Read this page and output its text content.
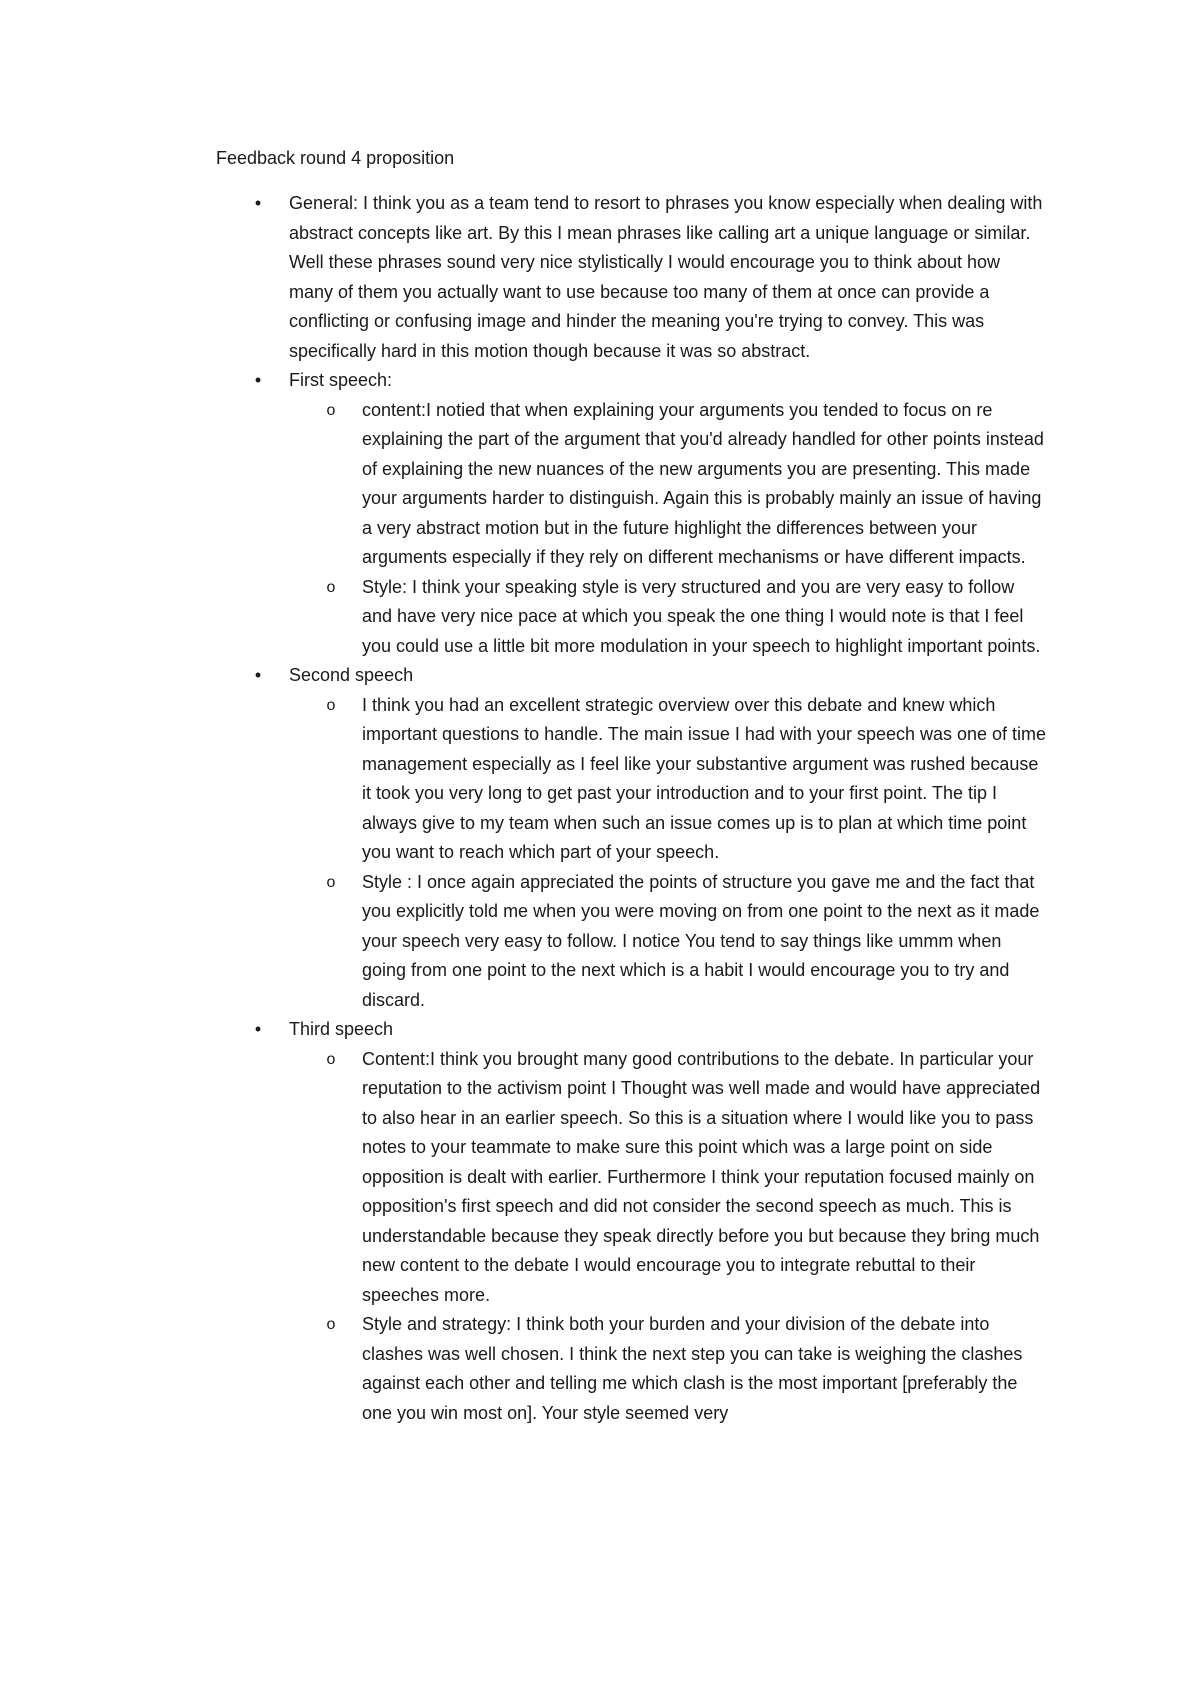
Feedback round 4 proposition
• General: I think you as a team tend to resort to phrases you know especially when dealing with abstract concepts like art. By this I mean phrases like calling art a unique language or similar. Well these phrases sound very nice stylistically I would encourage you to think about how many of them you actually want to use because too many of them at once can provide a conflicting or confusing image and hinder the meaning you're trying to convey. This was specifically hard in this motion though because it was so abstract.
• First speech:
o content:I notied that when explaining your arguments you tended to focus on re explaining the part of the argument that you'd already handled for other points instead of explaining the new nuances of the new arguments you are presenting. This made your arguments harder to distinguish. Again this is probably mainly an issue of having a very abstract motion but in the future highlight the differences between your arguments especially if they rely on different mechanisms or have different impacts.
o Style: I think your speaking style is very structured and you are very easy to follow and have very nice pace at which you speak the one thing I would note is that I feel you could use a little bit more modulation in your speech to highlight important points.
• Second speech
o I think you had an excellent strategic overview over this debate and knew which important questions to handle. The main issue I had with your speech was one of time management especially as I feel like your substantive argument was rushed because it took you very long to get past your introduction and to your first point. The tip I always give to my team when such an issue comes up is to plan at which time point you want to reach which part of your speech.
o Style : I once again appreciated the points of structure you gave me and the fact that you explicitly told me when you were moving on from one point to the next as it made your speech very easy to follow. I notice You tend to say things like ummm when going from one point to the next which is a habit I would encourage you to try and discard.
• Third speech
o Content:I think you brought many good contributions to the debate. In particular your reputation to the activism point I Thought was well made and would have appreciated to also hear in an earlier speech. So this is a situation where I would like you to pass notes to your teammate to make sure this point which was a large point on side opposition is dealt with earlier. Furthermore I think your reputation focused mainly on opposition's first speech and did not consider the second speech as much. This is understandable because they speak directly before you but because they bring much new content to the debate I would encourage you to integrate rebuttal to their speeches more.
o Style and strategy: I think both your burden and your division of the debate into clashes was well chosen. I think the next step you can take is weighing the clashes against each other and telling me which clash is the most important [preferably the one you win most on]. Your style seemed very
